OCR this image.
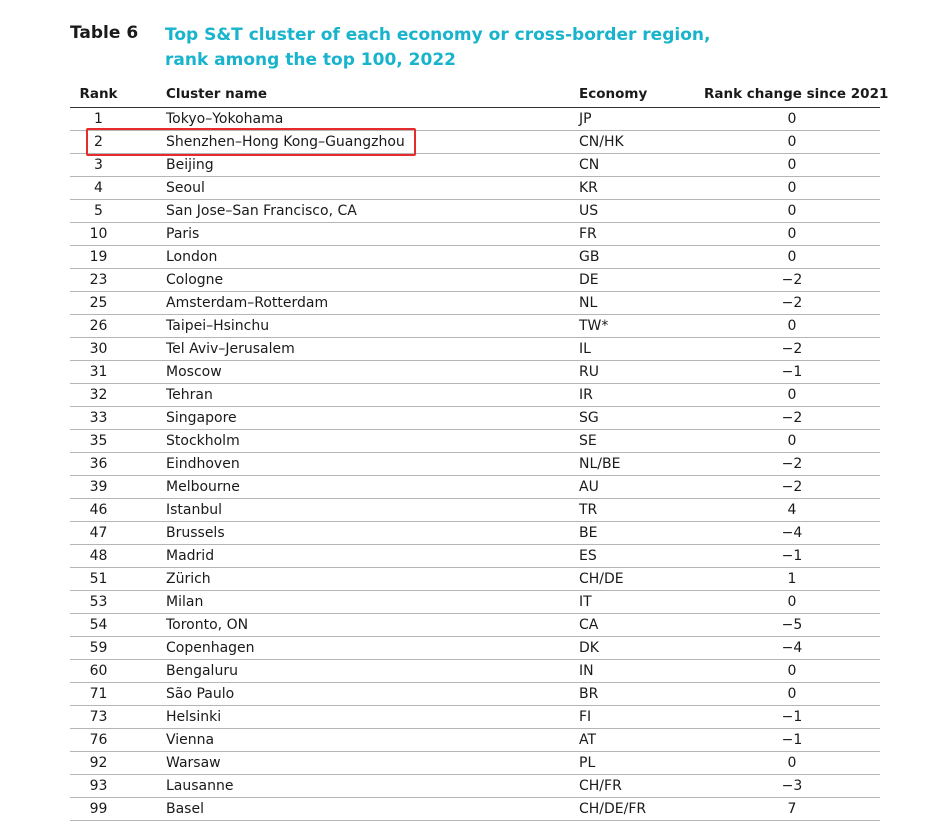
Table 6 Top S&T cluster of each economy or cross-border region,
rank among the top 100, 2022
Rank	Cluster name	Economy	Rank change since 2021
1	Tokyo–Yokohama	JP	0
2	Shenzhen–Hong Kong–Guangzhou	CN/HK	0
3	Beijing	CN	0
4	Seoul	KR	0
5	San Jose–San Francisco, CA	US	0
10	Paris	FR	0
19	London	GB	0
23	Cologne	DE	−2
25	Amsterdam–Rotterdam	NL	−2
26	Taipei–Hsinchu	TW*	0
30	Tel Aviv–Jerusalem	IL	−2
31	Moscow	RU	−1
32	Tehran	IR	0
33	Singapore	SG	−2
35	Stockholm	SE	0
36	Eindhoven	NL/BE	−2
39	Melbourne	AU	−2
46	Istanbul	TR	4
47	Brussels	BE	−4
48	Madrid	ES	−1
51	Zürich	CH/DE	1
53	Milan	IT	0
54	Toronto, ON	CA	−5
59	Copenhagen	DK	−4
60	Bengaluru	IN	0
71	São Paulo	BR	0
73	Helsinki	FI	−1
76	Vienna	AT	−1
92	Warsaw	PL	0
93	Lausanne	CH/FR	−3
99	Basel	CH/DE/FR	7
